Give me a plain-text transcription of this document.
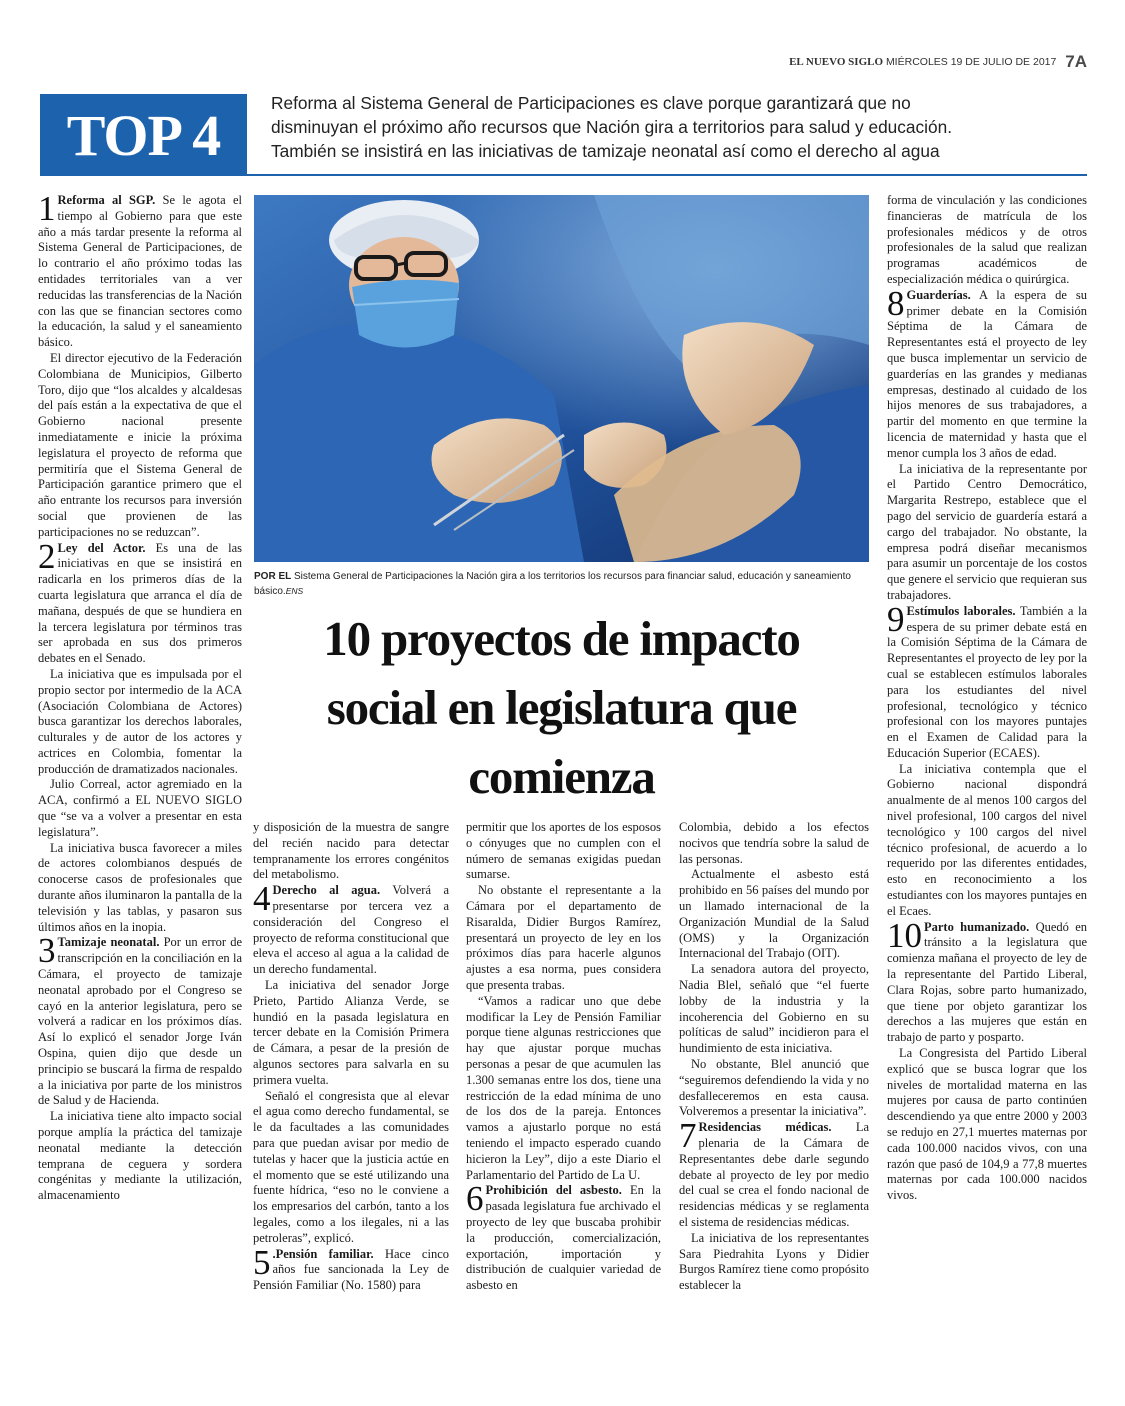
EL NUEVO SIGLO MIÉRCOLES 19 DE JULIO DE 2017 7A
TOP 4	Reforma al Sistema General de Participaciones es clave porque garantizará que no
disminuyan el próximo año recursos que Nación gira a territorios para salud y educación.
También se insistirá en las iniciativas de tamizaje neonatal así como el derecho al agua
POR EL Sistema General de Participaciones la Nación gira a los territorios los recursos para financiar salud, educación y saneamiento básico.ENS
10 proyectos de impacto
social en legislatura que
comienza

1 Reforma al SGP. Se le agota el tiempo al Gobierno para que este año a más tardar presente la reforma al Sistema General de Participaciones, de lo contrario el año próximo todas las entidades territoriales van a ver reducidas las transferencias de la Nación con las que se financian sectores como la educación, la salud y el saneamiento básico.

El director ejecutivo de la Federación Colombiana de Municipios, Gilberto Toro, dijo que “los alcaldes y alcaldesas del país están a la expectativa de que el Gobierno nacional presente inmediatamente e inicie la próxima legislatura el proyecto de reforma que permitiría que el Sistema General de Participación garantice primero que el año entrante los recursos para inversión social que provienen de las participaciones no se reduzcan”.

2 Ley del Actor. Es una de las iniciativas en que se insistirá en radicarla en los primeros días de la cuarta legislatura que arranca el día de mañana, después de que se hundiera en la tercera legislatura por términos tras ser aprobada en sus dos primeros debates en el Senado.

La iniciativa que es impulsada por el propio sector por intermedio de la ACA (Asociación Colombiana de Actores) busca garantizar los derechos laborales, culturales y de autor de los actores y actrices en Colombia, fomentar la producción de dramatizados nacionales.

Julio Correal, actor agremiado en la ACA, confirmó a EL NUEVO SIGLO que “se va a volver a presentar en esta legislatura”.

La iniciativa busca favorecer a miles de actores colombianos después de conocerse casos de profesionales que durante años iluminaron la pantalla de la televisión y las tablas, y pasaron sus últimos años en la inopia.

3 Tamizaje neonatal. Por un error de transcripción en la conciliación en la Cámara, el proyecto de tamizaje neonatal aprobado por el Congreso se cayó en la anterior legislatura, pero se volverá a radicar en los próximos días. Así lo explicó el senador Jorge Iván Ospina, quien dijo que desde un principio se buscará la firma de respaldo a la iniciativa por parte de los ministros de Salud y de Hacienda.

La iniciativa tiene alto impacto social porque amplía la práctica del tamizaje neonatal mediante la detección temprana de ceguera y sordera congénitas y mediante la utilización, almacenamiento

y disposición de la muestra de sangre del recién nacido para detectar tempranamente los errores congénitos del metabolismo.

4 Derecho al agua. Volverá a presentarse por tercera vez a consideración del Congreso el proyecto de reforma constitucional que eleva el acceso al agua a la calidad de un derecho fundamental.

La iniciativa del senador Jorge Prieto, Partido Alianza Verde, se hundió en la pasada legislatura en tercer debate en la Comisión Primera de Cámara, a pesar de la presión de algunos sectores para salvarla en su primera vuelta.

Señaló el congresista que al elevar el agua como derecho fundamental, se le da facultades a las comunidades para que puedan avisar por medio de tutelas y hacer que la justicia actúe en el momento que se esté utilizando una fuente hídrica, “eso no le conviene a los empresarios del carbón, tanto a los legales, como a los ilegales, ni a las petroleras”, explicó.

5 .Pensión familiar. Hace cinco años fue sancionada la Ley de Pensión Familiar (No. 1580) para

permitir que los aportes de los esposos o cónyuges que no cumplen con el número de semanas exigidas puedan sumarse.

No obstante el representante a la Cámara por el departamento de Risaralda, Didier Burgos Ramírez, presentará un proyecto de ley en los próximos días para hacerle algunos ajustes a esa norma, pues considera que presenta trabas.

“Vamos a radicar uno que debe modificar la Ley de Pensión Familiar porque tiene algunas restricciones que hay que ajustar porque muchas personas a pesar de que acumulen las 1.300 semanas entre los dos, tiene una restricción de la edad mínima de uno de los dos de la pareja. Entonces vamos a ajustarlo porque no está teniendo el impacto esperado cuando hicieron la Ley”, dijo a este Diario el Parlamentario del Partido de La U.

6 Prohibición del asbesto. En la pasada legislatura fue archivado el proyecto de ley que buscaba prohibir la producción, comercialización, exportación, importación y distribución de cualquier variedad de asbesto en

Colombia, debido a los efectos nocivos que tendría sobre la salud de las personas.

Actualmente el asbesto está prohibido en 56 países del mundo por un llamado internacional de la Organización Mundial de la Salud (OMS) y la Organización Internacional del Trabajo (OIT).

La senadora autora del proyecto, Nadia Blel, señaló que “el fuerte lobby de la industria y la incoherencia del Gobierno en su políticas de salud” incidieron para el hundimiento de esta iniciativa.

No obstante, Blel anunció que “seguiremos defendiendo la vida y no desfalleceremos en esta causa. Volveremos a presentar la iniciativa”.

7 Residencias médicas. La plenaria de la Cámara de Representantes debe darle segundo debate al proyecto de ley por medio del cual se crea el fondo nacional de residencias médicas y se reglamenta el sistema de residencias médicas.

La iniciativa de los representantes Sara Piedrahita Lyons y Didier Burgos Ramírez tiene como propósito establecer la

forma de vinculación y las condiciones financieras de matrícula de los profesionales médicos y de otros profesionales de la salud que realizan programas académicos de especialización médica o quirúrgica.

8 Guarderías. A la espera de su primer debate en la Comisión Séptima de la Cámara de Representantes está el proyecto de ley que busca implementar un servicio de guarderías en las grandes y medianas empresas, destinado al cuidado de los hijos menores de sus trabajadores, a partir del momento en que termine la licencia de maternidad y hasta que el menor cumpla los 3 años de edad.

La iniciativa de la representante por el Partido Centro Democrático, Margarita Restrepo, establece que el pago del servicio de guardería estará a cargo del trabajador. No obstante, la empresa podrá diseñar mecanismos para asumir un porcentaje de los costos que genere el servicio que requieran sus trabajadores.

9 Estímulos laborales. También a la espera de su primer debate está en la Comisión Séptima de la Cámara de Representantes el proyecto de ley por la cual se establecen estímulos laborales para los estudiantes del nivel profesional, tecnológico y técnico profesional con los mayores puntajes en el Examen de Calidad para la Educación Superior (ECAES).

La iniciativa contempla que el Gobierno nacional dispondrá anualmente de al menos 100 cargos del nivel profesional, 100 cargos del nivel tecnológico y 100 cargos del nivel técnico profesional, de acuerdo a lo requerido por las diferentes entidades, esto en reconocimiento a los estudiantes con los mayores puntajes en el Ecaes.

10 Parto humanizado. Quedó en tránsito a la legislatura que comienza mañana el proyecto de ley de la representante del Partido Liberal, Clara Rojas, sobre parto humanizado, que tiene por objeto garantizar los derechos a las mujeres que están en trabajo de parto y posparto.

La Congresista del Partido Liberal explicó que se busca lograr que los niveles de mortalidad materna en las mujeres por causa de parto continúen descendiendo ya que entre 2000 y 2003 se redujo en 27,1 muertes maternas por cada 100.000 nacidos vivos, con una razón que pasó de 104,9 a 77,8 muertes maternas por cada 100.000 nacidos vivos.
